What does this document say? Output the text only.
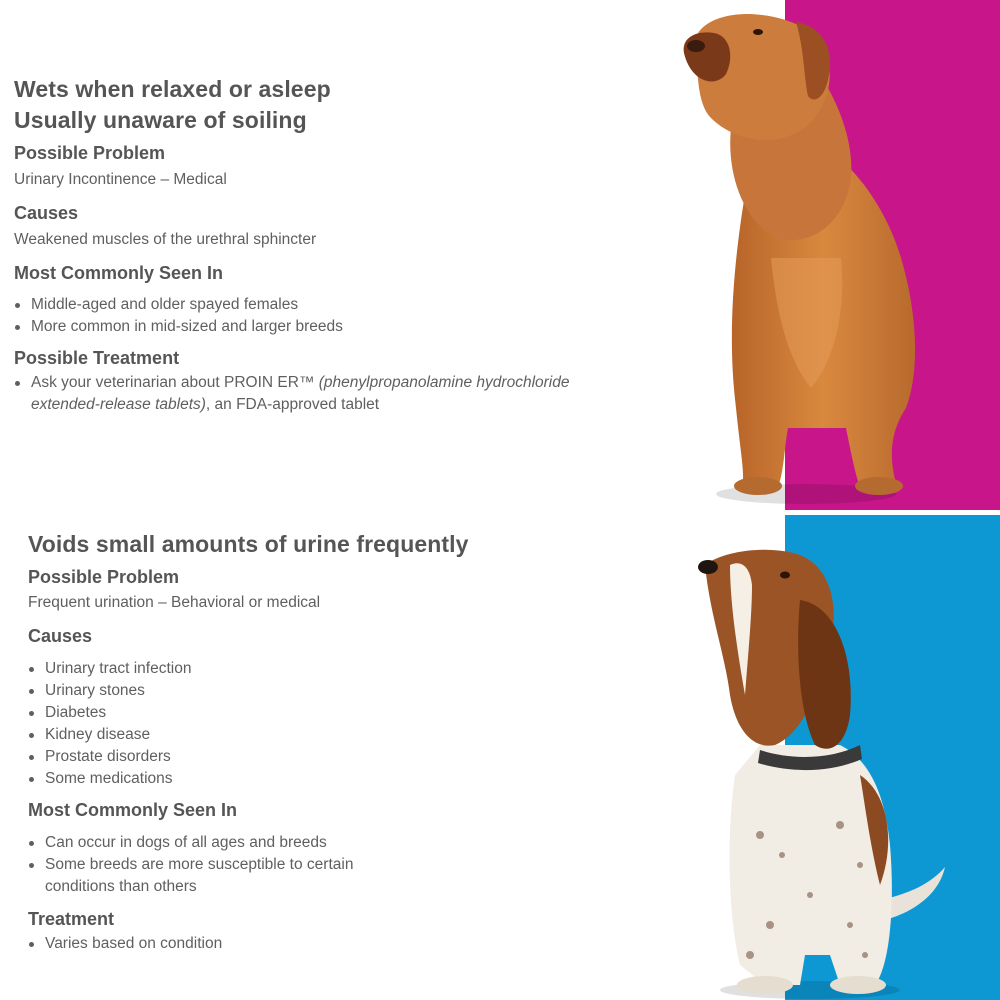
Wets when relaxed or asleep
Usually unaware of soiling
Possible Problem

Urinary Incontinence – Medical

Causes

Weakened muscles of the urethral sphincter

Most Commonly Seen In
Middle-aged and older spayed females
More common in mid-sized and larger breeds
Possible Treatment
Ask your veterinarian about PROIN ER™ (phenylpropanolamine hydrochloride extended-release tablets), an FDA-approved tablet
Voids small amounts of urine frequently
Possible Problem

Frequent urination – Behavioral or medical

Causes
Urinary tract infection
Urinary stones
Diabetes
Kidney disease
Prostate disorders
Some medications
Most Commonly Seen In
Can occur in dogs of all ages and breeds
Some breeds are more susceptible to certain conditions than others
Treatment
Varies based on condition
